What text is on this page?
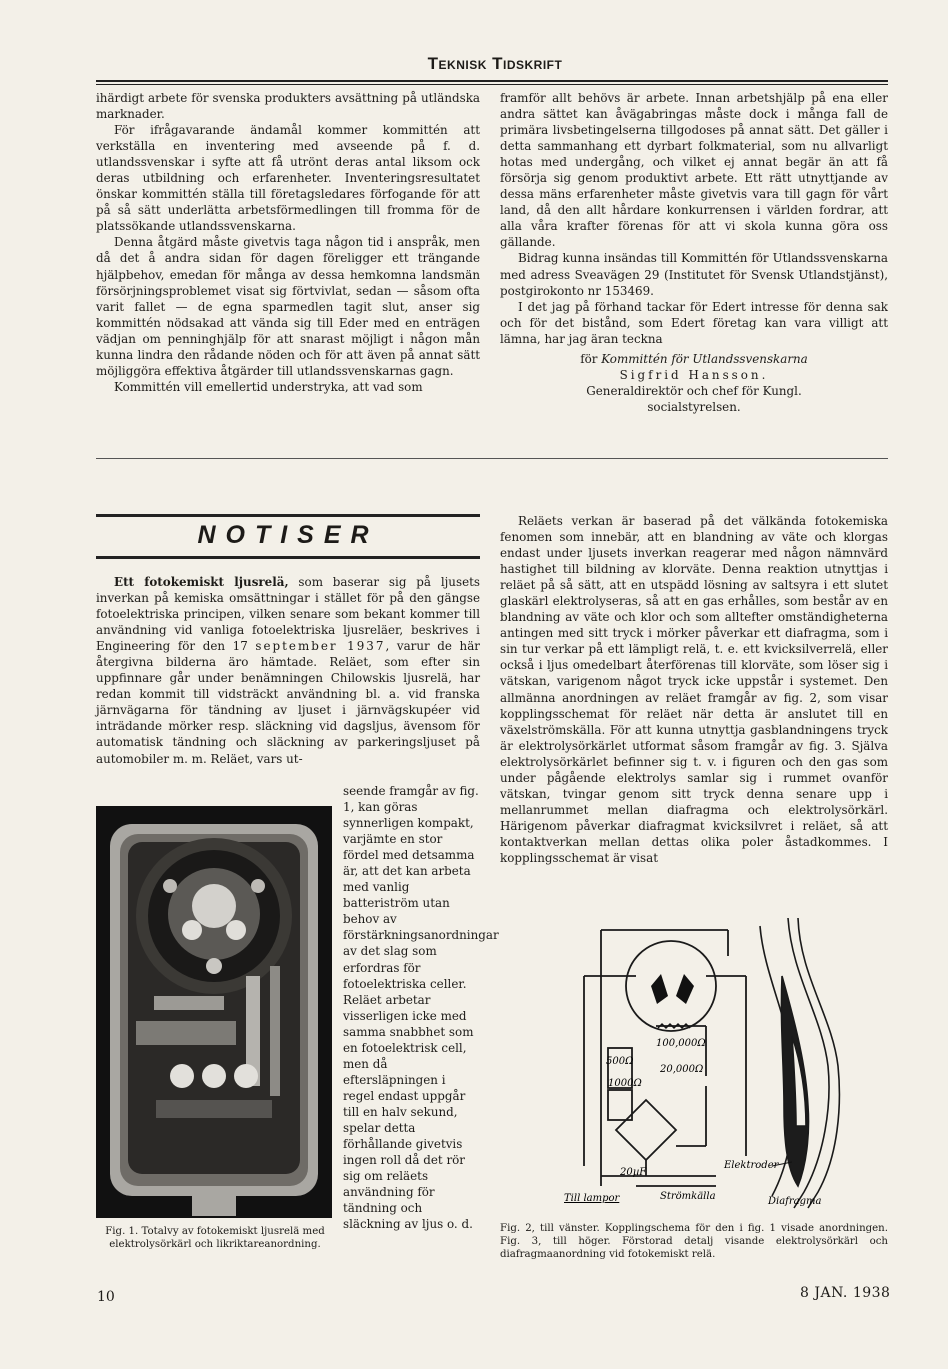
Teknisk Tidskrift

ihärdigt arbete för svenska produkters avsättning på utländska marknader.

För ifrågavarande ändamål kommer kommittén att verkställa en inventering med avseende på f. d. utlandssvenskar i syfte att få utrönt deras antal liksom ock deras utbildning och erfarenheter. Inventeringsresultatet önskar kommittén ställa till företagsledares förfogande för att på så sätt underlätta arbetsförmedlingen till fromma för de platssökande utlandssvenskarna.

Denna åtgärd måste givetvis taga någon tid i anspråk, men då det å andra sidan för dagen föreligger ett trängande hjälpbehov, emedan för många av dessa hemkomna landsmän försörjningsproblemet visat sig förtvivlat, sedan — såsom ofta varit fallet — de egna sparmedlen tagit slut, anser sig kommittén nödsakad att vända sig till Eder med en enträgen vädjan om penninghjälp för att snarast möjligt i någon mån kunna lindra den rådande nöden och för att även på annat sätt möjliggöra effektiva åtgärder till utlandssvenskarnas gagn.

Kommittén vill emellertid understryka, att vad som

framför allt behövs är arbete. Innan arbetshjälp på ena eller andra sättet kan åvägabringas måste dock i många fall de primära livsbetingelserna tillgodoses på annat sätt. Det gäller i detta sammanhang ett dyrbart folkmaterial, som nu allvarligt hotas med undergång, och vilket ej annat begär än att få försörja sig genom produktivt arbete. Ett rätt utnyttjande av dessa mäns erfarenheter måste givetvis vara till gagn för vårt land, då den allt hårdare konkurrensen i världen fordrar, att alla våra krafter förenas för att vi skola kunna göra oss gällande.

Bidrag kunna insändas till Kommittén för Utlandssvenskarna med adress Sveavägen 29 (Institutet för Svensk Utlandstjänst), postgirokonto nr 153469.

I det jag på förhand tackar för Edert intresse för denna sak och för det bistånd, som Edert företag kan vara villigt att lämna, har jag äran teckna

för Kommittén för Utlandssvenskarna
Sigfrid Hansson.
Generaldirektör och chef för Kungl.
socialstyrelsen.
NOTISER

Ett fotokemiskt ljusrelä, som baserar sig på ljusets inverkan på kemiska omsättningar i stället för på den gängse fotoelektriska principen, vilken senare som bekant kommer till användning vid vanliga fotoelektriska ljusreläer, beskrives i Engineering för den 17 september 1937, varur de här återgivna bilderna äro hämtade. Reläet, som efter sin uppfinnare går under benämningen Chilowskis ljusrelä, har redan kommit till vidsträckt användning bl. a. vid franska järnvägarna för tändning av ljuset i järnvägskupéer vid inträdande mörker resp. släckning vid dagsljus, ävensom för automatisk tändning och släckning av parkeringsljuset på automobiler m. m. Reläet, vars ut-

seende framgår av fig. 1, kan göras synnerligen kompakt, varjämte en stor fördel med detsamma är, att det kan arbeta med vanlig batteriström utan behov av förstärkningsanordningar av det slag som erfordras för fotoelektriska celler. Reläet arbetar visserligen icke med samma snabbhet som en fotoelektrisk cell, men då eftersläpningen i regel endast uppgår till en halv sekund, spelar detta förhållande givetvis ingen roll då det rör sig om reläets användning för tändning och släckning av ljus o. d.

Fig. 1. Totalvy av fotokemiskt ljusrelä med elektrolysörkärl och likriktareanordning.

Reläets verkan är baserad på det välkända fotokemiska fenomen som innebär, att en blandning av väte och klorgas endast under ljusets inverkan reagerar med någon nämnvärd hastighet till bildning av klorväte. Denna reaktion utnyttjas i reläet på så sätt, att en utspädd lösning av saltsyra i ett slutet glaskärl elektrolyseras, så att en gas erhålles, som består av en blandning av väte och klor och som alltefter omständigheterna antingen med sitt tryck i mörker påverkar ett diafragma, som i sin tur verkar på ett lämpligt relä, t. e. ett kvicksilverrelä, eller också i ljus omedelbart återförenas till klorväte, som löser sig i vätskan, varigenom något tryck icke uppstår i systemet. Den allmänna anordningen av reläet framgår av fig. 2, som visar kopplingsschemat för reläet när detta är anslutet till en växelströmskälla. För att kunna utnyttja gasblandningens tryck är elektrolysörkärlet utformat såsom framgår av fig. 3. Själva elektrolysörkärlet befinner sig t. v. i figuren och den gas som under pågående elektrolys samlar sig i rummet ovanför vätskan, tvingar genom sitt tryck denna senare upp i mellanrummet mellan diafragma och elektrolysörkärl. Härigenom påverkar diafragmat kvicksilvret i reläet, så att kontaktverkan mellan dettas olika poler åstadkommes. I kopplingsschemat är visat

100,000Ω
500Ω
20,000Ω
1000Ω
20µF
Till lampor	Strömkälla
Elektroder
Diafragma
Fig. 2, till vänster. Kopplingschema för den i fig. 1 visade anordningen. Fig. 3, till höger. Förstorad detalj visande elektrolysörkärl och diafragmaanordning vid fotokemiskt relä.
10	8 JAN. 1938
